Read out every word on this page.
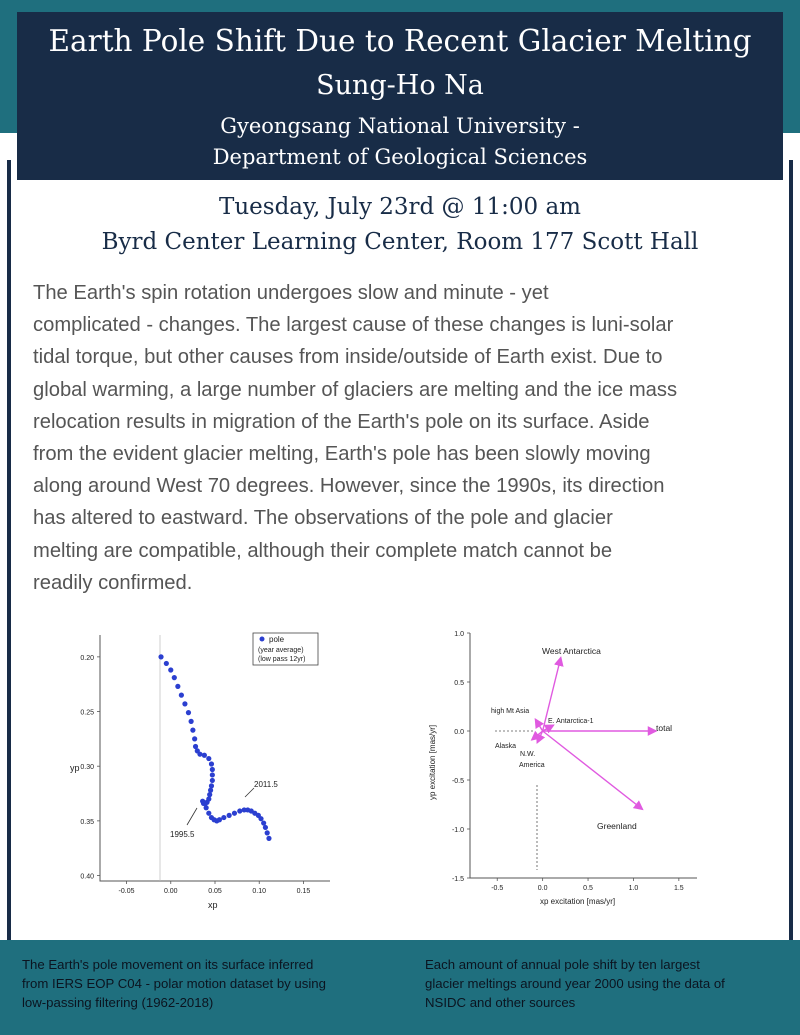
Earth Pole Shift Due to Recent Glacier Melting
Sung-Ho Na
Gyeongsang National University -
Department of Geological Sciences
Tuesday, July 23rd @ 11:00 am
Byrd Center Learning Center, Room 177 Scott Hall
The Earth's spin rotation undergoes slow and minute - yet
complicated - changes. The largest cause of these changes is luni-solar
tidal torque, but other causes from inside/outside of Earth exist. Due to
global warming, a large number of glaciers are melting and the ice mass
relocation results in migration of the Earth's pole on its surface. Aside
from the evident glacier melting, Earth's pole has been slowly moving
along around West 70 degrees. However, since the 1990s, its direction
has altered to eastward. The observations of the pole and glacier
melting are compatible, although their complete match cannot be
readily confirmed.
0.20
0.25
0.30
0.35
0.40
-0.05	0.00	0.05	0.10	0.15
pole
(year average)
(low pass 12yr)
yp
xp
1995.5
2011.5
1.0
0.5
0.0
-0.5
-1.0
-1.5
-0.5	0.0	0.5	1.0	1.5
West Antarctica
high Mt Asia
E. Antarctica-1
total
Alaska
N.W.
America
Greenland
yp excitation [mas/yr]
xp excitation [mas/yr]
The Earth's pole movement on its surface inferred
from IERS EOP C04 - polar motion dataset by using
low-passing filtering (1962-2018)
Each amount of annual pole shift by ten largest
glacier meltings around year 2000 using the data of
NSIDC and other sources
